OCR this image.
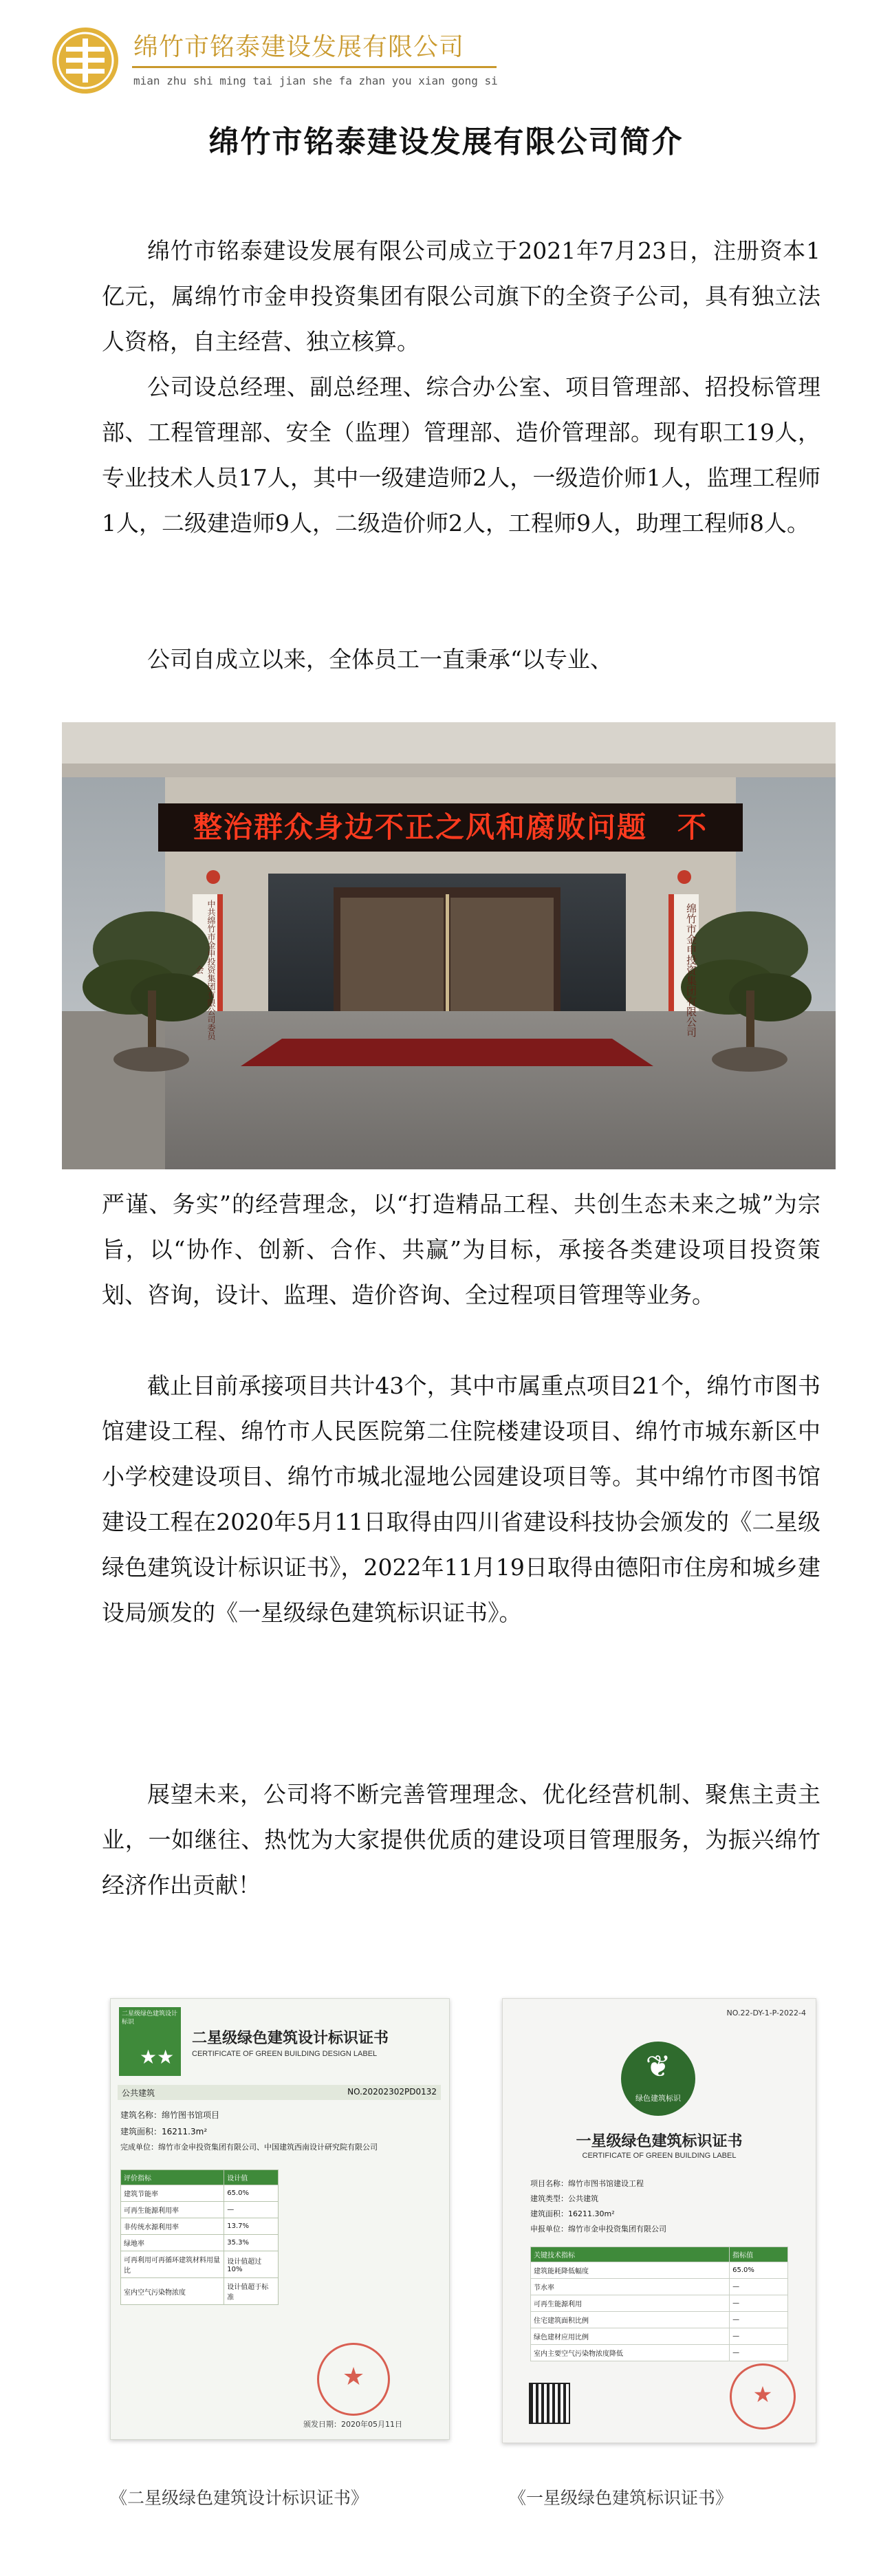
绵竹市铭泰建设发展有限公司
mian zhu shi ming tai jian she fa zhan you xian gong si
绵竹市铭泰建设发展有限公司简介

绵竹市铭泰建设发展有限公司成立于2021年7月23日，注册资本1亿元，属绵竹市金申投资集团有限公司旗下的全资子公司，具有独立法人资格，自主经营、独立核算。

公司设总经理、副总经理、综合办公室、项目管理部、招投标管理部、工程管理部、安全（监理）管理部、造价管理部。现有职工19人，专业技术人员17人，其中一级建造师2人，一级造价师1人，监理工程师1人，二级建造师9人，二级造价师2人，工程师9人，助理工程师8人。

公司自成立以来，全体员工一直秉承“以专业、

整治群众身边不正之风和腐败问题　不
中共绵竹市金申投资集团有限公司委员会	绵竹市金申投资集团有限公司

严谨、务实”的经营理念，以“打造精品工程、共创生态未来之城”为宗旨，以“协作、创新、合作、共赢”为目标，承接各类建设项目投资策划、咨询，设计、监理、造价咨询、全过程项目管理等业务。

截止目前承接项目共计43个，其中市属重点项目21个，绵竹市图书馆建设工程、绵竹市人民医院第二住院楼建设项目、绵竹市城东新区中小学校建设项目、绵竹市城北湿地公园建设项目等。其中绵竹市图书馆建设工程在2020年5月11日取得由四川省建设科技协会颁发的《二星级绿色建筑设计标识证书》，2022年11月19日取得由德阳市住房和城乡建设局颁发的《一星级绿色建筑标识证书》。

展望未来，公司将不断完善管理理念、优化经营机制、聚焦主责主业，一如继往、热忱为大家提供优质的建设项目管理服务，为振兴绵竹经济作出贡献！

二星级绿色建筑设计标识
★★
二星级绿色建筑设计标识证书
CERTIFICATE OF GREEN BUILDING DESIGN LABEL
公共建筑	NO.20202302PD0132
建筑名称：绵竹图书馆项目
建筑面积：16211.3m²
完成单位：绵竹市金申投资集团有限公司、中国建筑西南设计研究院有限公司
评价指标	设计值
建筑节能率	65.0%
可再生能源利用率	—
非传统水源利用率	13.7%
绿地率	35.3%
可再利用可再循环建筑材料用量比	设计值超过10%
室内空气污染物浓度	设计值超于标准
★
颁发日期：2020年05月11日
NO.22-DY-1-P-2022-4
❦
绿色建筑标识
一星级绿色建筑标识证书
CERTIFICATE OF GREEN BUILDING LABEL
项目名称：绵竹市图书馆建设工程
建筑类型：公共建筑
建筑面积：16211.30m²
申报单位：绵竹市金申投资集团有限公司
关键技术指标	指标值
建筑能耗降低幅度	65.0%
节水率	—
可再生能源利用	—
住宅建筑面积比例	—
绿色建材应用比例	—
室内主要空气污染物浓度降低	—
★
《二星级绿色建筑设计标识证书》	《一星级绿色建筑标识证书》
